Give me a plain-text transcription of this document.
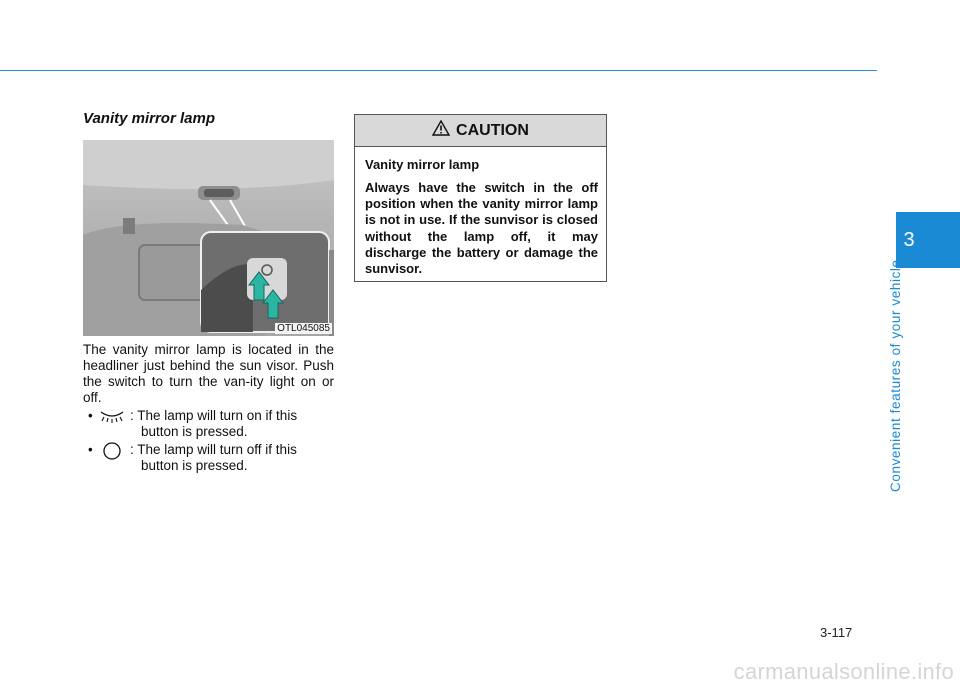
3
Convenient features of your vehicle
Vanity mirror lamp
OTL045085
The vanity mirror lamp is located in the headliner just behind the sun visor. Push the switch to turn the van-ity light on or off.
•	: The lamp will turn on if this
button is pressed.
•	: The lamp will turn off if this
button is pressed.
CAUTION
Vanity mirror lamp
Always have the switch in the off position when the vanity mirror lamp is not in use. If the sunvisor is closed without the lamp off, it may discharge the battery or damage the sunvisor.
3-117
carmanualsonline.info
